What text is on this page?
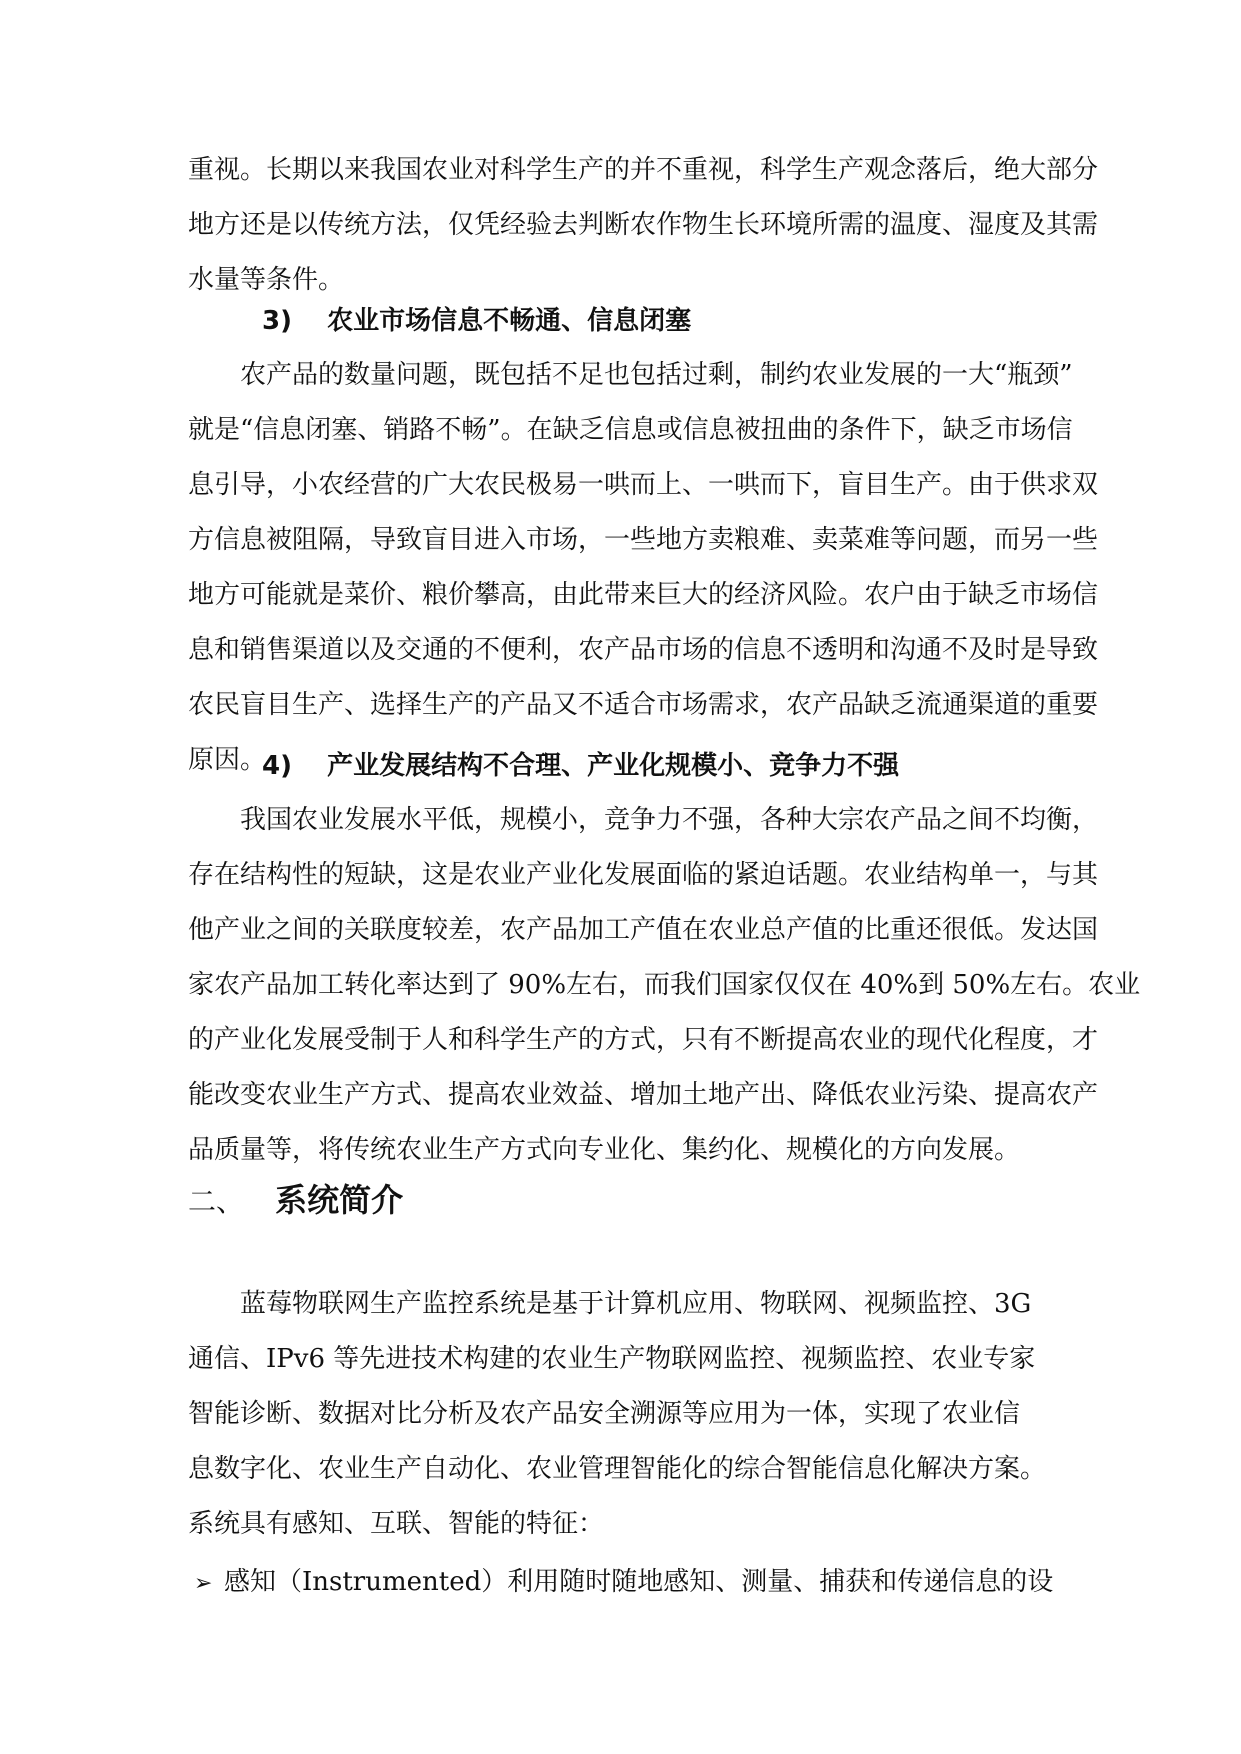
重视。长期以来我国农业对科学生产的并不重视，科学生产观念落后，绝大部分
地方还是以传统方法，仅凭经验去判断农作物生长环境所需的温度、湿度及其需
水量等条件。
3) 农业市场信息不畅通、信息闭塞
　　农产品的数量问题，既包括不足也包括过剩，制约农业发展的一大“瓶颈”
就是“信息闭塞、销路不畅”。在缺乏信息或信息被扭曲的条件下，缺乏市场信
息引导，小农经营的广大农民极易一哄而上、一哄而下，盲目生产。由于供求双
方信息被阻隔，导致盲目进入市场，一些地方卖粮难、卖菜难等问题，而另一些
地方可能就是菜价、粮价攀高，由此带来巨大的经济风险。农户由于缺乏市场信
息和销售渠道以及交通的不便利，农产品市场的信息不透明和沟通不及时是导致
农民盲目生产、选择生产的产品又不适合市场需求，农产品缺乏流通渠道的重要
原因。
4) 产业发展结构不合理、产业化规模小、竞争力不强
　　我国农业发展水平低，规模小，竞争力不强，各种大宗农产品之间不均衡，
存在结构性的短缺，这是农业产业化发展面临的紧迫话题。农业结构单一，与其
他产业之间的关联度较差，农产品加工产值在农业总产值的比重还很低。发达国
家农产品加工转化率达到了 90%左右，而我们国家仅仅在 40%到 50%左右。农业
的产业化发展受制于人和科学生产的方式，只有不断提高农业的现代化程度，才
能改变农业生产方式、提高农业效益、增加土地产出、降低农业污染、提高农产
品质量等，将传统农业生产方式向专业化、集约化、规模化的方向发展。
二、 系统简介
　　蓝莓物联网生产监控系统是基于计算机应用、物联网、视频监控、3G
通信、IPv6 等先进技术构建的农业生产物联网监控、视频监控、农业专家
智能诊断、数据对比分析及农产品安全溯源等应用为一体，实现了农业信
息数字化、农业生产自动化、农业管理智能化的综合智能信息化解决方案。
系统具有感知、互联、智能的特征：
➢ 感知（Instrumented）利用随时随地感知、测量、捕获和传递信息的设
